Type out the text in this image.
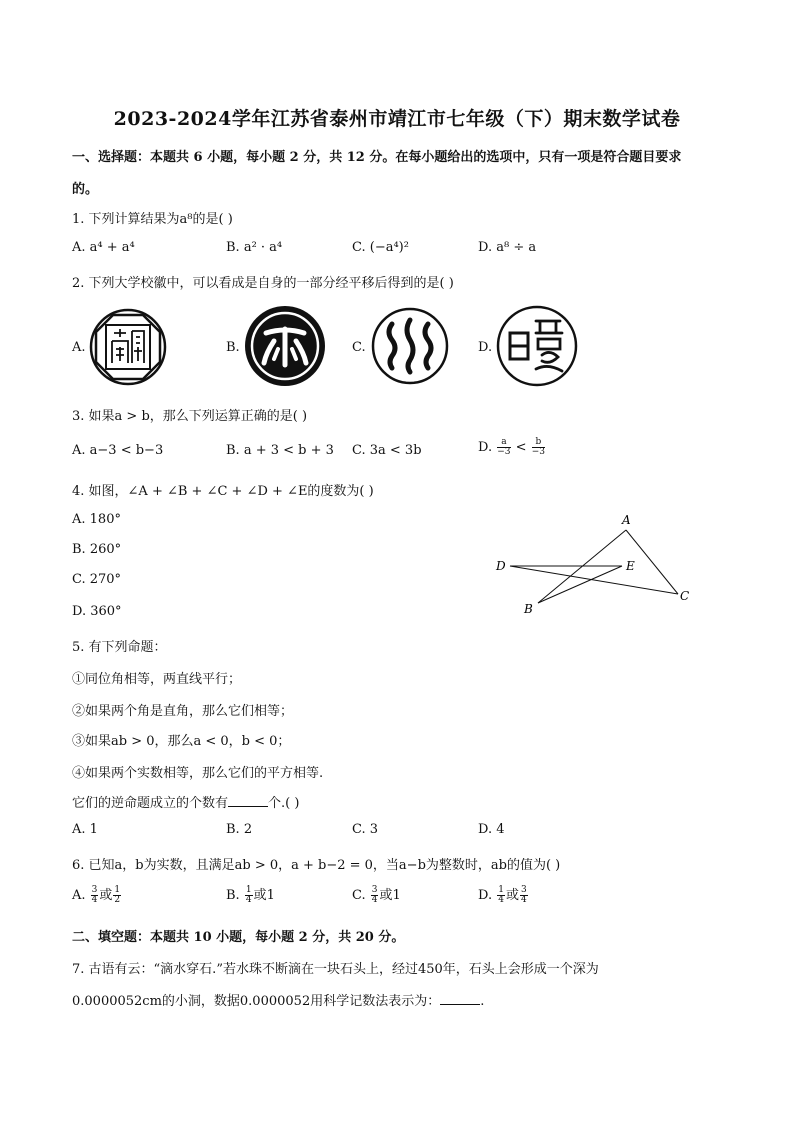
2023-2024学年江苏省泰州市靖江市七年级（下）期末数学试卷
一、选择题：本题共 6 小题，每小题 2 分，共 12 分。在每小题给出的选项中，只有一项是符合题目要求
的。
1. 下列计算结果为a⁸的是( )
A. a⁴ + a⁴	B. a² · a⁴	C. (−a⁴)²	D. a⁸ ÷ a
2. 下列大学校徽中，可以看成是自身的一部分经平移后得到的是( )
A.	B.	C.	D.
3. 如果a > b，那么下列运算正确的是( )
A. a−3 < b−3	B. a + 3 < b + 3 C. 3a < 3b	D. $\frac{a}{-3} < \frac{b}{-3}$
4. 如图，∠A + ∠B + ∠C + ∠D + ∠E的度数为( )
A. 180°
B. 260°
C. 270°
D. 360°
A
B
C
D	E
5. 有下列命题：
①同位角相等，两直线平行；
②如果两个角是直角，那么它们相等；
③如果ab > 0，那么a < 0，b < 0；
④如果两个实数相等，那么它们的平方相等.
它们的逆命题成立的个数有	个.( )
A. 1	B. 2	C. 3	D. 4
6. 已知a，b为实数，且满足ab > 0，a + b−2 = 0，当a−b为整数时，ab的值为( )
A. $\frac{3}{4}$ 或 $\frac{1}{2}$	B. $\frac{1}{4}$ 或1	C. $\frac{3}{4}$ 或1	D. $\frac{1}{4}$ 或 $\frac{3}{4}$
二、填空题：本题共 10 小题，每小题 2 分，共 20 分。
7. 古语有云：“滴水穿石.”若水珠不断滴在一块石头上，经过450年，石头上会形成一个深为
0.0000052cm的小洞，数据0.0000052用科学记数法表示为：	.
